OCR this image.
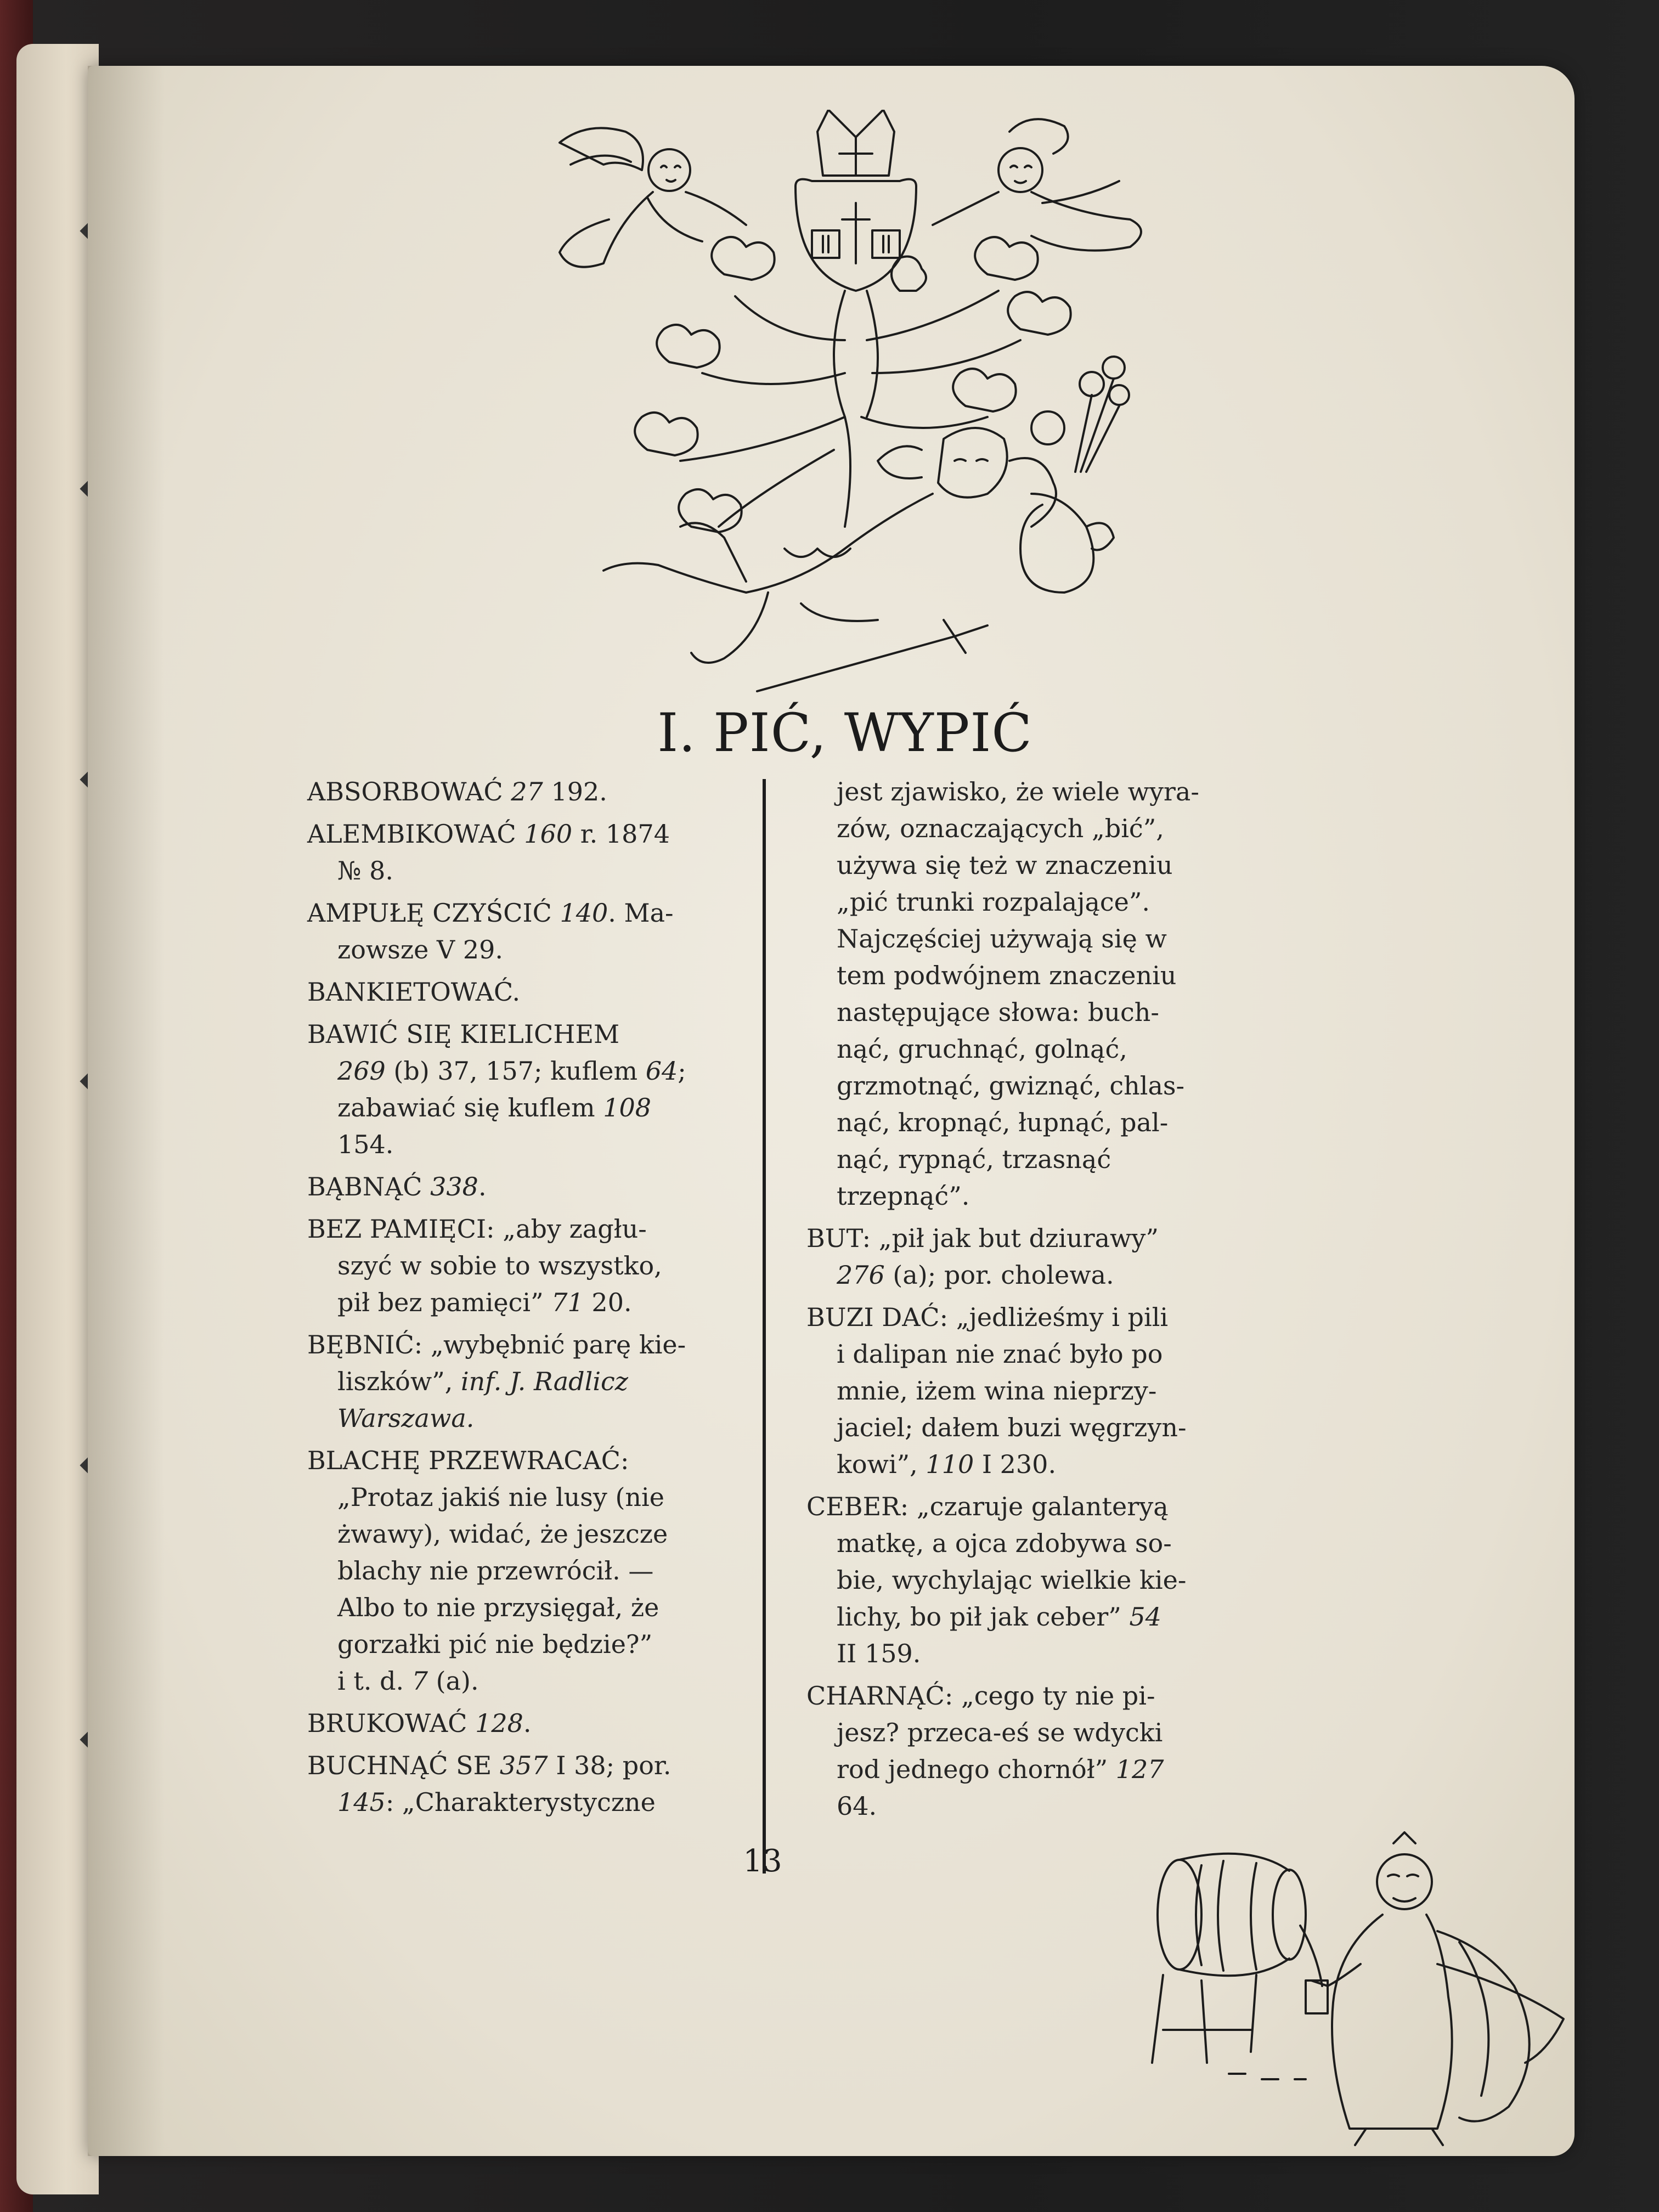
I. PIĆ, WYPIĆ
ABSORBOWAĆ 27 192.
ALEMBIKOWAĆ 160 r. 1874
№ 8.
AMPUŁĘ CZYŚCIĆ 140. Ma-
zowsze V 29.
BANKIETOWAĆ.
BAWIĆ SIĘ KIELICHEM
269 (b) 37, 157; kuflem 64;
zabawiać się kuflem 108
154.
BĄBNĄĆ 338.
BEZ PAMIĘCI: „aby zagłu-
szyć w sobie to wszystko,
pił bez pamięci” 71 20.
BĘBNIĆ: „wybębnić parę kie-
liszków”, inf. J. Radlicz
Warszawa.
BLACHĘ PRZEWRACAĆ:
„Protaz jakiś nie lusy (nie
żwawy), widać, że jeszcze
blachy nie przewrócił. —
Albo to nie przysięgał, że
gorzałki pić nie będzie?”
i t. d. 7 (a).
BRUKOWAĆ 128.
BUCHNĄĆ SE 357 I 38; por.
145: „Charakterystyczne
jest zjawisko, że wiele wyra-
zów, oznaczających „bić”,
używa się też w znaczeniu
„pić trunki rozpalające”.
Najczęściej używają się w
tem podwójnem znaczeniu
następujące słowa: buch-
nąć, gruchnąć, golnąć,
grzmotnąć, gwiznąć, chlas-
nąć, kropnąć, łupnąć, pal-
nąć, rypnąć, trzasnąć
trzepnąć”.
BUT: „pił jak but dziurawy”
276 (a); por. cholewa.
BUZI DAĆ: „jedliżeśmy i pili
i dalipan nie znać było po
mnie, iżem wina nieprzy-
jaciel; dałem buzi węgrzyn-
kowi”, 110 I 230.
CEBER: „czaruje galanteryą
matkę, a ojca zdobywa so-
bie, wychylając wielkie kie-
lichy, bo pił jak ceber” 54
II 159.
CHARNĄĆ: „cego ty nie pi-
jesz? przeca-eś se wdycki
rod jednego chornół” 127
64.
13
